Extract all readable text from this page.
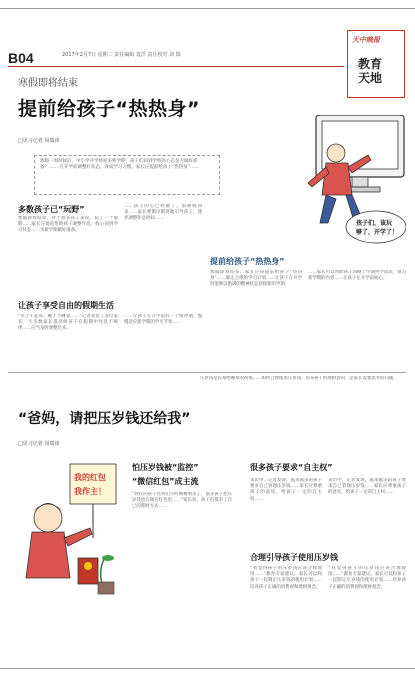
B04	2017年2月7日 星期二 责任编辑 袁洋 责任校对 刘 瑞
天中晚报
教育
天地
寒假即将结束
提前给孩子“热热身”
□见习记者 岗瑞淳
寒假一周时间后，中小学开学将迎来新学期，孩子们回到学校的心态是否做好准备？…… 在开学前调整好状态，养成学习习惯。家长应提前给孩子“热热身”……
多数孩子已“玩野”
寒假即将结束，对于很多孩子来说，玩了一个假期……家长应提前帮助孩子调整作息，收心回到学习状态……为新学期做好准备。
让孩子享受自由的假期生活
“早上不起床，晚上不睡觉……”记者采访了多位家长，大多数家长都反映孩子在假期中作息不规律……应当及时调整过来。
……孩子的心已经散了，很难收回来……家长要循序渐进地引导孩子，逐步调整作息时间……
……让孩子在开学前有一个缓冲期，慢慢适应新学期的学习节奏……
提前给孩子“热热身”
寒假即将结束，家长应该提前给孩子“热热身”……制定合理的学习计划……让孩子在开学时能够以饱满的精神状态迎接新的学期。
……家长可以帮助孩子回顾上学期所学知识，预习新学期的内容……让孩子在开学前收心。
孩子们，该玩
够了，开学了！
压岁钱是长辈给晚辈的祝福……如何合理使用压岁钱，培养孩子的理财意识，是家长需要思考的问题。
“爸妈，请把压岁钱还给我”
□见习记者 岗瑞淳
我的红包
我作主！
怕压岁钱被“监控”
“微信红包”成主流
“现在的孩子比我们小时候精明多了，很多孩子把压岁钱放在微信红包里……”家长说，孩子们都有了自己的理财方式……
很多孩子要求“自主权”
采访中，记者发现，越来越多的孩子要求自己管理压岁钱……家长应尊重孩子的意见，给孩子一定的自主权……
采访中，记者发现，越来越多的孩子要求自己管理压岁钱……家长应尊重孩子的意见，给孩子一定的自主权……
合理引导孩子使用压岁钱
“我觉得孩子的压岁钱应该合理使用……”教育专家建议，家长可以和孩子一起制定压岁钱的使用计划……培养孩子正确的消费观和理财观念。
“我觉得孩子的压岁钱应该合理使用……”教育专家建议，家长可以和孩子一起制定压岁钱的使用计划……培养孩子正确的消费观和理财观念。
